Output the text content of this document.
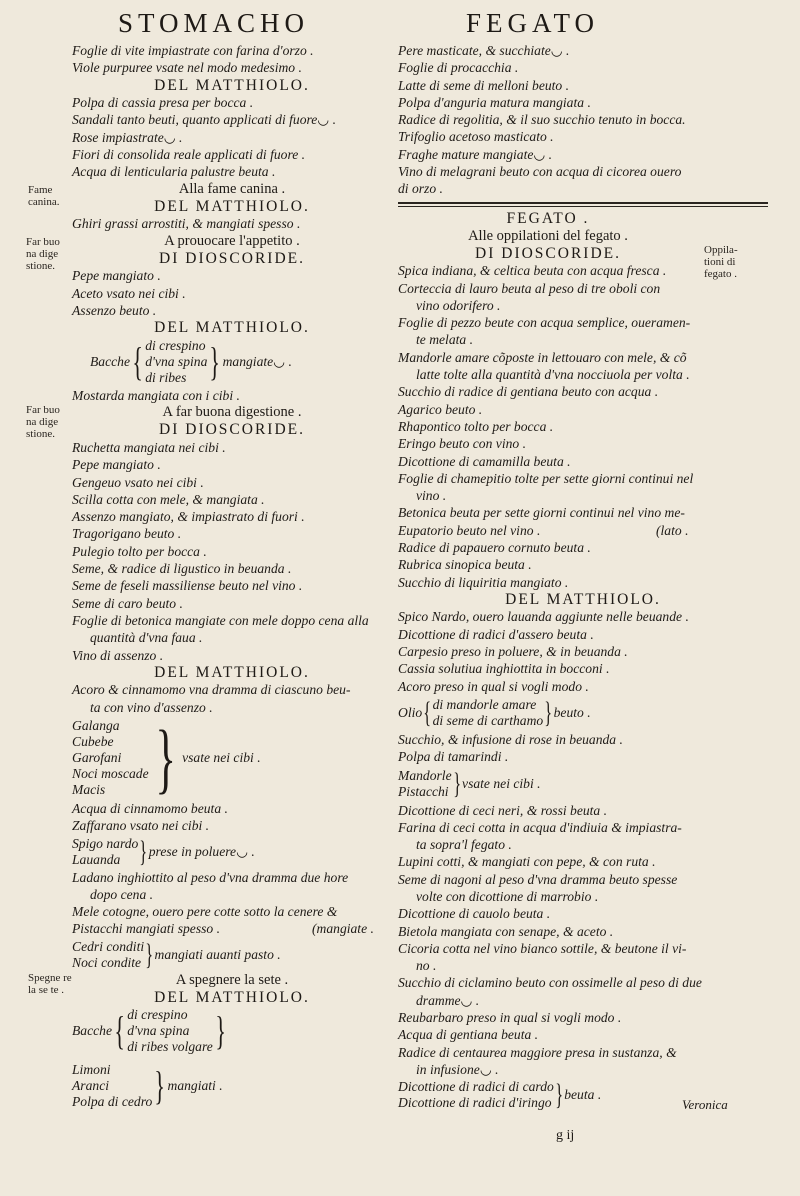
STOMACHO	FEGATO
Fame canina.
Far buo na dige stione.
Far buo na dige stione.
Spegne re la se te .
Foglie di vite impiastrate con farina d'orzo .
Viole purpuree vsate nel modo medesimo .
DEL MATTHIOLO.
Polpa di cassia presa per bocca .
Sandali tanto beuti, quanto applicati di fuore◡ .
Rose impiastrate◡ .
Fiori di consolida reale applicati di fuore .
Acqua di lenticularia palustre beuta .
Alla fame canina .
DEL MATTHIOLO.
Ghiri grassi arrostiti, & mangiati spesso .
A prouocare l'appetito .
DI DIOSCORIDE.
Pepe mangiato .
Aceto vsato nei cibi .
Assenzo beuto .
DEL MATTHIOLO.
Bacche { di crespino
d'vna spina
di ribes } mangiate◡ .
Mostarda mangiata con i cibi .
A far buona digestione .
DI DIOSCORIDE.
Ruchetta mangiata nei cibi .
Pepe mangiato .
Gengeuo vsato nei cibi .
Scilla cotta con mele, & mangiata .
Assenzo mangiato, & impiastrato di fuori .
Tragorigano beuto .
Pulegio tolto per bocca .
Seme, & radice di ligustico in beuanda .
Seme de feseli massiliense beuto nel vino .
Seme di caro beuto .
Foglie di betonica mangiate con mele doppo cena alla
quantità d'vna faua .
Vino di assenzo .
DEL MATTHIOLO.
Acoro & cinnamomo vna dramma di ciascuno beu-
ta con vino d'assenzo .
Galanga
Cubebe
Garofani
Noci moscade
Macis } vsate nei cibi .
Acqua di cinnamomo beuta .
Zaffarano vsato nei cibi .
Spigo nardo
Lauanda } prese in poluere◡ .
Ladano inghiottito al peso d'vna dramma due hore
dopo cena .
Mele cotogne, ouero pere cotte sotto la cenere &
Pistacchi mangiati spesso .	(mangiate .
Cedri conditi
Noci condite } mangiati auanti pasto .
A spegnere la sete .
DEL MATTHIOLO.
Bacche { di crespino
d'vna spina
di ribes volgare }
Limoni
Aranci
Polpa di cedro } mangiati .
Pere masticate, & succhiate◡ .
Foglie di procacchia .
Latte di seme di melloni beuto .
Polpa d'anguria matura mangiata .
Radice di regolitia, & il suo succhio tenuto in bocca.
Trifoglio acetoso masticato .
Fraghe mature mangiate◡ .
Vino di melagrani beuto con acqua di cicorea ouero
di orzo .
Oppila- tioni di fegato .
FEGATO .
Alle oppilationi del fegato .
DI DIOSCORIDE.
Spica indiana, & celtica beuta con acqua fresca .
Corteccia di lauro beuta al peso di tre oboli con
vino odorifero .
Foglie di pezzo beute con acqua semplice, oueramen-
te melata .
Mandorle amare cõposte in lettouaro con mele, & cõ
latte tolte alla quantità d'vna nocciuola per volta .
Succhio di radice di gentiana beuto con acqua .
Agarico beuto .
Rhapontico tolto per bocca .
Eringo beuto con vino .
Dicottione di camamilla beuta .
Foglie di chamepitio tolte per sette giorni continui nel
vino .
Betonica beuta per sette giorni continui nel vino me-
Eupatorio beuto nel vino .	(lato .
Radice di papauero cornuto beuta .
Rubrica sinopica beuta .
Succhio di liquiritia mangiato .
DEL MATTHIOLO.
Spico Nardo, ouero lauanda aggiunte nelle beuande .
Dicottione di radici d'assero beuta .
Carpesio preso in poluere, & in beuanda .
Cassia solutiua inghiottita in bocconi .
Acoro preso in qual si vogli modo .
Olio { di mandorle amare
di seme di carthamo } beuto .
Succhio, & infusione di rose in beuanda .
Polpa di tamarindi .
Mandorle
Pistacchi } vsate nei cibi .
Dicottione di ceci neri, & rossi beuta .
Farina di ceci cotta in acqua d'indiuia & impiastra-
ta sopra'l fegato .
Lupini cotti, & mangiati con pepe, & con ruta .
Seme di nagoni al peso d'vna dramma beuto spesse
volte con dicottione di marrobio .
Dicottione di cauolo beuta .
Bietola mangiata con senape, & aceto .
Cicoria cotta nel vino bianco sottile, & beutone il vi-
no .
Succhio di ciclamino beuto con ossimelle al peso di due
dramme◡ .
Reubarbaro preso in qual si vogli modo .
Acqua di gentiana beuta .
Radice di centaurea maggiore presa in sustanza, &
in infusione◡ .
Dicottione di radici di cardo
Dicottione di radici d'iringo } beuta .
g ij
Veronica
